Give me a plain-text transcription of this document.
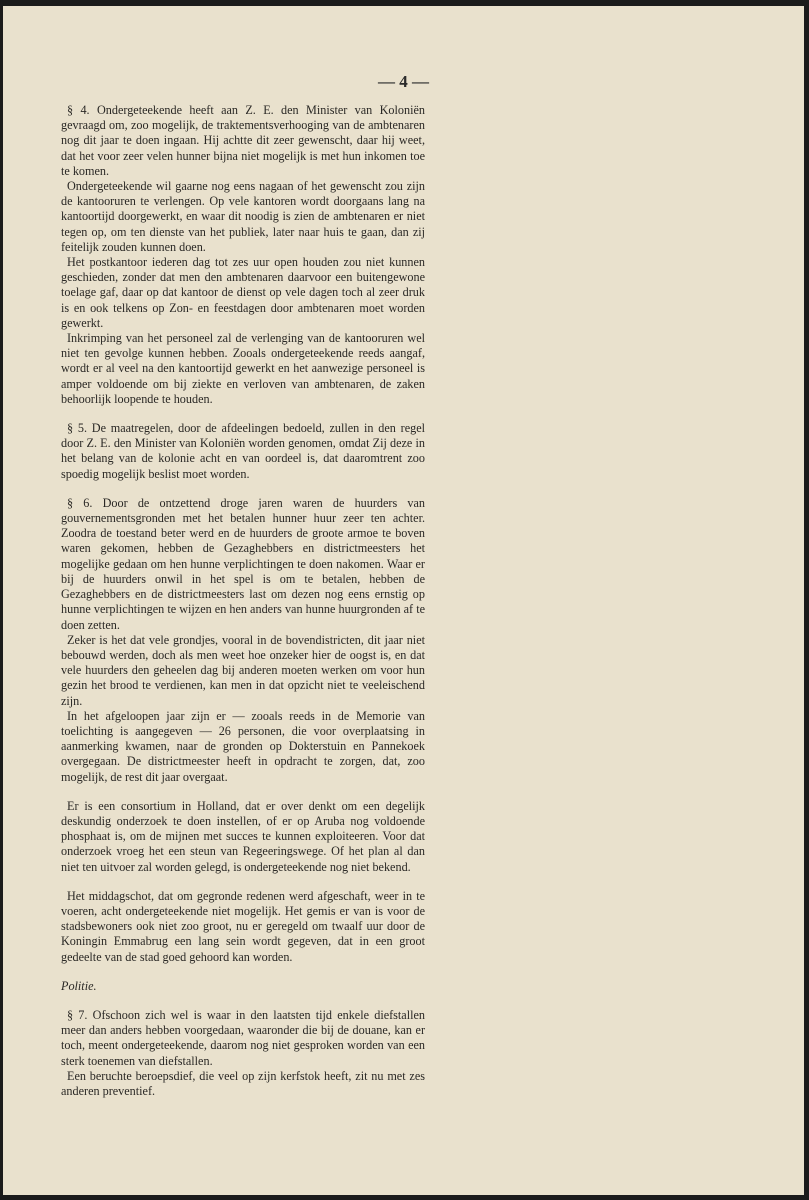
— 4 —

§ 4. Ondergeteekende heeft aan Z. E. den Minister van Koloniën gevraagd om, zoo mogelijk, de traktementsverhooging van de ambtenaren nog dit jaar te doen ingaan. Hij achtte dit zeer gewenscht, daar hij weet, dat het voor zeer velen hunner bijna niet mogelijk is met hun inkomen toe te komen.

Ondergeteekende wil gaarne nog eens nagaan of het gewenscht zou zijn de kantooruren te verlengen. Op vele kantoren wordt doorgaans lang na kantoortijd doorgewerkt, en waar dit noodig is zien de ambtenaren er niet tegen op, om ten dienste van het publiek, later naar huis te gaan, dan zij feitelijk zouden kunnen doen.

Het postkantoor iederen dag tot zes uur open houden zou niet kunnen geschieden, zonder dat men den ambtenaren daarvoor een buitengewone toelage gaf, daar op dat kantoor de dienst op vele dagen toch al zeer druk is en ook telkens op Zon- en feestdagen door ambtenaren moet worden gewerkt.

Inkrimping van het personeel zal de verlenging van de kantooruren wel niet ten gevolge kunnen hebben. Zooals ondergeteekende reeds aangaf, wordt er al veel na den kantoortijd gewerkt en het aanwezige personeel is amper voldoende om bij ziekte en verloven van ambtenaren, de zaken behoorlijk loopende te houden.

§ 5. De maatregelen, door de afdeelingen bedoeld, zullen in den regel door Z. E. den Minister van Koloniën worden genomen, omdat Zij deze in het belang van de kolonie acht en van oordeel is, dat daaromtrent zoo spoedig mogelijk beslist moet worden.

§ 6. Door de ontzettend droge jaren waren de huurders van gouvernementsgronden met het betalen hunner huur zeer ten achter. Zoodra de toestand beter werd en de huurders de groote armoe te boven waren gekomen, hebben de Gezaghebbers en districtmeesters het mogelijke gedaan om hen hunne verplichtingen te doen nakomen. Waar er bij de huurders onwil in het spel is om te betalen, hebben de Gezaghebbers en de districtmeesters last om dezen nog eens ernstig op hunne verplichtingen te wijzen en hen anders van hunne huurgronden af te doen zetten.

Zeker is het dat vele grondjes, vooral in de bovendistricten, dit jaar niet bebouwd werden, doch als men weet hoe onzeker hier de oogst is, en dat vele huurders den geheelen dag bij anderen moeten werken om voor hun gezin het brood te verdienen, kan men in dat opzicht niet te veeleischend zijn.

In het afgeloopen jaar zijn er — zooals reeds in de Memorie van toelichting is aangegeven — 26 personen, die voor overplaatsing in aanmerking kwamen, naar de gronden op Dokterstuin en Pannekoek overgegaan. De districtmeester heeft in opdracht te zorgen, dat, zoo mogelijk, de rest dit jaar overgaat.

Er is een consortium in Holland, dat er over denkt om een degelijk deskundig onderzoek te doen instellen, of er op Aruba nog voldoende phosphaat is, om de mijnen met succes te kunnen exploiteeren. Voor dat onderzoek vroeg het een steun van Regeeringswege. Of het plan al dan niet ten uitvoer zal worden gelegd, is ondergeteekende nog niet bekend.

Het middagschot, dat om gegronde redenen werd afgeschaft, weer in te voeren, acht ondergeteekende niet mogelijk. Het gemis er van is voor de stadsbewoners ook niet zoo groot, nu er geregeld om twaalf uur door de Koningin Emmabrug een lang sein wordt gegeven, dat in een groot gedeelte van de stad goed gehoord kan worden.

Politie.

§ 7. Ofschoon zich wel is waar in den laatsten tijd enkele diefstallen meer dan anders hebben voorgedaan, waaronder die bij de douane, kan er toch, meent ondergeteekende, daarom nog niet gesproken worden van een sterk toenemen van diefstallen.

Een beruchte beroepsdief, die veel op zijn kerfstok heeft, zit nu met zes anderen preventief.
